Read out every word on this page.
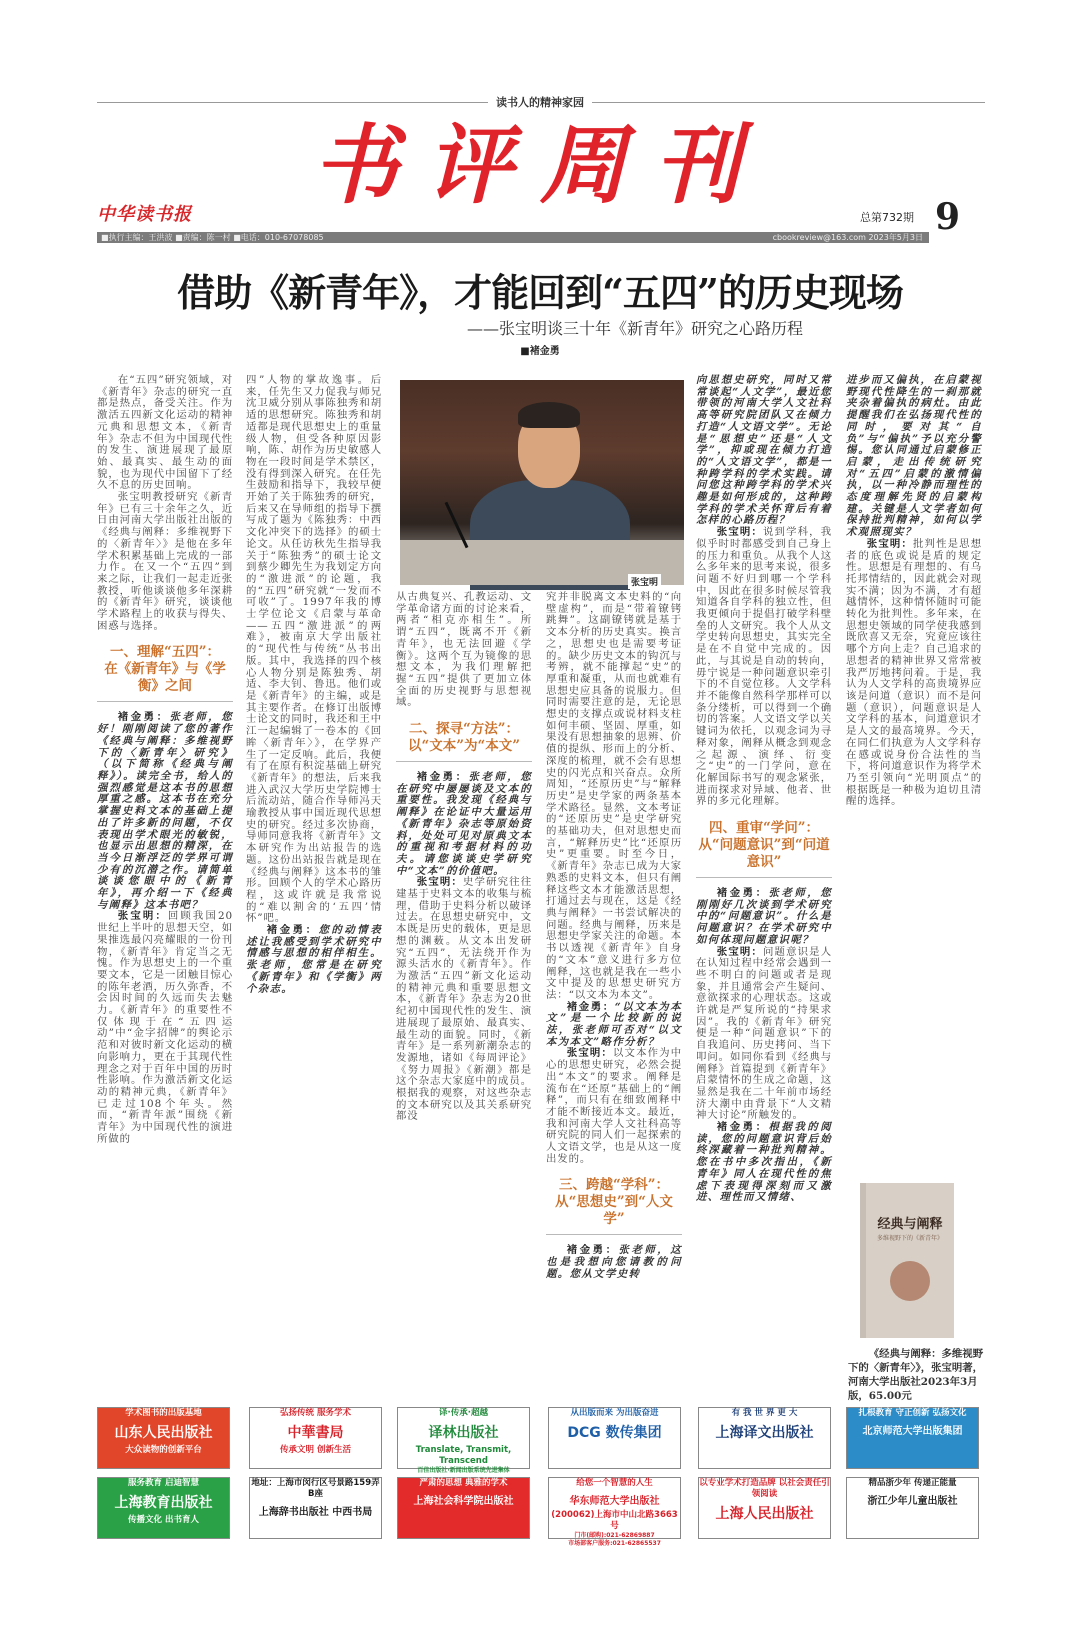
读书人的精神家园
书评周刊
中华读书报	总第732期 9
■执行主编：王洪波 ■责编：陈一村 ■电话：010-67078085	cbookreview@163.com 2023年5月3日
借助《新青年》，才能回到“五四”的历史现场
——张宝明谈三十年《新青年》研究之心路历程
■褚金勇
张宝明

在“五四”研究领域，对《新青年》杂志的研究一直都是热点，备受关注。作为激活五四新文化运动的精神元典和思想文本，《新青年》杂志不但为中国现代性的发生、演进展现了最原始、最真实、最生动的面貌，也为现代中国留下了经久不息的历史回响。

张宝明教授研究《新青年》已有三十余年之久，近日由河南大学出版社出版的《经典与阐释：多维视野下的〈新青年〉》是他在多年学术积累基础上完成的一部力作。在又一个“五四”到来之际，让我们一起走近张教授，听他谈谈他多年深耕的《新青年》研究，谈谈他学术路程上的收获与得失、困惑与选择。

一、理解“五四”：
在《新青年》与《学衡》之间

褚金勇：张老师，您好！刚刚阅读了您的著作《经典与阐释：多维视野下的〈新青年〉研究》（以下简称《经典与阐释》）。读完全书，给人的强烈感觉是这本书的思想厚重之感。这本书在充分掌握史料文本的基础上提出了许多新的问题，不仅表现出学术眼光的敏锐，也显示出思想的精深，在当今日渐浮泛的学界可谓少有的沉潜之作。请简单谈谈您眼中的《新青年》，再介绍一下《经典与阐释》这本书吧？

张宝明：回顾我国20世纪上半叶的思想天空，如果推选最闪亮耀眼的一份刊物，《新青年》肯定当之无愧。作为思想史上的一个重要文本，它是一团触目惊心的陈年老酒，历久弥香，不会因时间的久远而失去魅力。《新青年》的重要性不仅体现于在“五四运动”中“金字招牌”的舆论示范和对彼时新文化运动的横向影响力，更在于其现代性理念之对于百年中国的历时性影响。作为激活新文化运动的精神元典，《新青年》已走过108个年头。然而，“新青年派”围绕《新青年》为中国现代性的演进所做的

四”人物的掌故逸事。后来，任先生又力促我与师兄沈卫威分别从事陈独秀和胡适的思想研究。陈独秀和胡适都是现代思想史上的重量级人物，但受各种原因影响，陈、胡作为历史敏感人物在一段时间是学术禁区，没有得到深入研究。在任先生鼓励和指导下，我较早便开始了关于陈独秀的研究，后来又在导师组的指导下撰写成了题为《陈独秀：中西文化冲突下的选择》的硕士论文。从任访秋先生指导我关于“陈独秀”的硕士论文到蔡少卿先生为我划定方向的“激进派”的论题，我的“五四”研究就“一发而不可收”了。1997年我的博士学位论文《启蒙与革命——五四“激进派”的两难》，被南京大学出版社的“现代性与传统”丛书出版。其中，我选择的四个核心人物分别是陈独秀、胡适、李大钊、鲁迅。他们或是《新青年》的主编，或是其主要作者。在修订出版博士论文的同时，我还和王中江一起编辑了一卷本的《回眸〈新青年〉》，在学界产生了一定反响。此后，我便有了在原有积淀基础上研究《新青年》的想法，后来我进入武汉大学历史学院博士后流动站，随合作导师冯天瑜教授从事中国近现代思想史的研究。经过多次协商，导师同意我将《新青年》文本研究作为出站报告的选题。这份出站报告就是现在《经典与阐释》这本书的雏形。回顾个人的学术心路历程，这或许就是我常说的“难以割舍的‘五四’情怀”吧。

褚金勇：您的动情表述让我感受到学术研究中情感与思想的相伴相生。张老师，您常是在研究《新青年》和《学衡》两个杂志。

从古典复兴、孔教运动、文学革命诸方面的讨论来看，两者“相克亦相生”。所谓“五四”，既离不开《新青年》，也无法回避《学衡》。这两个互为镜像的思想文本，为我们理解把握“五四”提供了更加立体全面的历史视野与思想视域。

二、探寻“方法”：
以“文本”为“本文”

褚金勇：张老师，您在研究中屡屡谈及文本的重要性。我发现《经典与阐释》在论证中大量运用《新青年》杂志等原始资料，处处可见对原典文本的重视和考据材料的功夫。请您谈谈史学研究中“文本”的价值吧。

张宝明：史学研究往往建基于史料文本的收集与梳理，借助于史料分析以破译过去。在思想史研究中，文本既是历史的载体，更是思想的渊薮。从文本出发研究“五四”，无法绕开作为源头活水的《新青年》。作为激活“五四”新文化运动的精神元典和重要思想文本，《新青年》杂志为20世纪初中国现代性的发生、演进展现了最原始、最真实、最生动的面貌。同时，《新青年》是一系列新潮杂志的发源地，诸如《每周评论》《努力周报》《新潮》都是这个杂志大家庭中的成员。根据我的观察，对这些杂志的文本研究以及其关系研究都没

究并非脱离文本史料的“向壁虚构”，而是“带着镣铐跳舞”。这副镣铐就是基于文本分析的历史真实。换言之，思想史也是需要考证的。缺少历史文本的钩沉与考辨，就不能撑起“史”的厚重和凝重，从而也就难有思想史应具备的说服力。但同时需要注意的是，无论思想史的支撑点或说材料支柱如何丰硕、坚固、厚重，如果没有思想抽象的思辨、价值的提纵、形而上的分析、深度的梳理，就不会有思想史的闪光点和兴奋点。众所周知，“还原历史”与“解释历史”是史学家的两条基本学术路径。显然，文本考证的“还原历史”是史学研究的基础功夫，但对思想史而言，“解释历史”比“还原历史”更重要。时至今日，《新青年》杂志已成为大家熟悉的史料文本，但只有阐释这些文本才能激活思想，打通过去与现在，这是《经典与阐释》一书尝试解决的问题。经典与阐释，历来是思想史学家关注的命题。本书以透视《新青年》自身的“文本”意义进行多方位阐释，这也就是我在一些小文中提及的思想史研究方法：“以文本为本文”。

褚金勇：“以文本为本文”是一个比较新的说法，张老师可否对“以文本为本文”略作分析？

张宝明：以文本作为中心的思想史研究，必然会提出“本文”的要求。阐释是流布在“还原”基础上的“阐释”，而只有在细致阐释中才能不断接近本文。最近，我和河南大学人文社科高等研究院的同人们一起探索的人文语文学，也是从这一度出发的。

三、跨越“学科”：
从“思想史”到“人文学”

褚金勇：张老师，这也是我想向您请教的问题。您从文学史转

向思想史研究，同时又常常谈起“人文学”，最近您带领的河南大学人文社科高等研究院团队又在倾力打造“人文语文学”。无论是“思想史”还是“人文学”，抑或现在倾力打造的“人文语文学”，都是一种跨学科的学术实践。请问您这种跨学科的学术兴趣是如何形成的，这种跨学科的学术关怀背后有着怎样的心路历程？

张宝明：说到学科，我似乎时时都感受到自己身上的压力和重负。从我个人这么多年来的思考来说，很多问题不好归到哪一个学科中，因此在很多时候尽管我知道各自学科的独立性，但我更倾向于提倡打破学科壁垒的人文研究。我个人从文学史转向思想史，其实完全是在不自觉中完成的。因此，与其说是自动的转向，毋宁说是一种问题意识牵引下的不自觉位移。人文学科并不能像自然科学那样可以条分缕析，可以得到一个确切的答案。人文语文学以关键词为依托，以观念词为寻释对象，阐释从概念到观念之起源、演绎、衍变之“史”的一门学问，意在化解国际书写的观念紧张，进而探求对异域、他者、世界的多元化理解。

四、重审“学问”：
从“问题意识”到“问道意识”

褚金勇：张老师，您刚刚好几次谈到学术研究中的“问题意识”。什么是问题意识？在学术研究中如何体现问题意识呢？

张宝明：问题意识是人在认知过程中经常会遇到一些不明白的问题或者是现象，并且通常会产生疑问、意欲探求的心理状态。这或许就是严复所说的“持果求因”。我的《新青年》研究便是一种“问题意识”下的自我追问、历史拷问、当下叩问。如同你看到《经典与阐释》首篇提到《新青年》启蒙情怀的生成之命题，这显然是我在二十年前市场经济大潮中由背景下“人文精神大讨论”所触发的。

褚金勇：根据我的阅读，您的问题意识背后始终深藏着一种批判精神。您在书中多次指出，《新青年》同人在现代性的焦虑下表现得深刻而又激进、理性而又情绪、

进步而又偏执，在启蒙视野现代性降生的一刹那就夹杂着偏执的病灶。由此提醒我们在弘扬现代性的同时，要对其“自负”与“偏执”予以充分警惕。您认同通过启蒙修正启蒙，走出传统研究对“五四”启蒙的激情偏执，以一种冷静而理性的态度理解先贤的启蒙构建。关键是人文学者如何保持批判精神，如何以学术观照现实？

张宝明：批判性是思想者的底色或说是盾的规定性。思想是有理想的、有乌托邦情结的，因此就会对现实不满；因为不满，才有超越情怀，这种情怀随时可能转化为批判性。多年来，在思想史领域的同学使我感到既欣喜又无奈，究竟应该往哪个方向上走？自己追求的思想者的精神世界又常常被我严厉地拷问着。于是，我认为人文学科的高贵境界应该是问道（意识）而不是问题（意识），问题意识是人文学科的基本，问道意识才是人文的最高境界。今天，在同仁们执意为人文学科存在感或说身份合法性的当下，将问道意识作为将学术乃至引领向“光明顶点”的根据既是一种极为迫切且清醒的选择。

经典与阐释
多维视野下的《新青年》
《经典与阐释：多维视野下的〈新青年〉》，张宝明著，河南大学出版社2023年3月版，65.00元
学术图书的出版基地
山东人民出版社
大众读物的创新平台
弘扬传统 服务学术
中華書局
传承文明 创新生活
译·传承·超越
译林出版社
Translate, Transmit, Transcend
百佳出版社·新闻出版系统先进集体
从出版而来 为出版奋进
DCG 数传集团
有 我 世 界 更 大
上海译文出版社
扎根教育 守正创新 弘扬文化
北京师范大学出版集团
服务教育 启迪智慧
上海教育出版社
传播文化 出书育人
地址：上海市闵行区号景路159弄B座
上海辞书出版社 中西书局
严肃的思想 典雅的学术
上海社会科学院出版社
给您一个智慧的人生
华东师范大学出版社
(200062)上海市中山北路3663号
门市(邮购):021-62869887
市场部客户服务:021-62865537
以专业学术打造品牌 以社会责任引领阅读
上海人民出版社
精品浙少年 传递正能量
浙江少年儿童出版社
